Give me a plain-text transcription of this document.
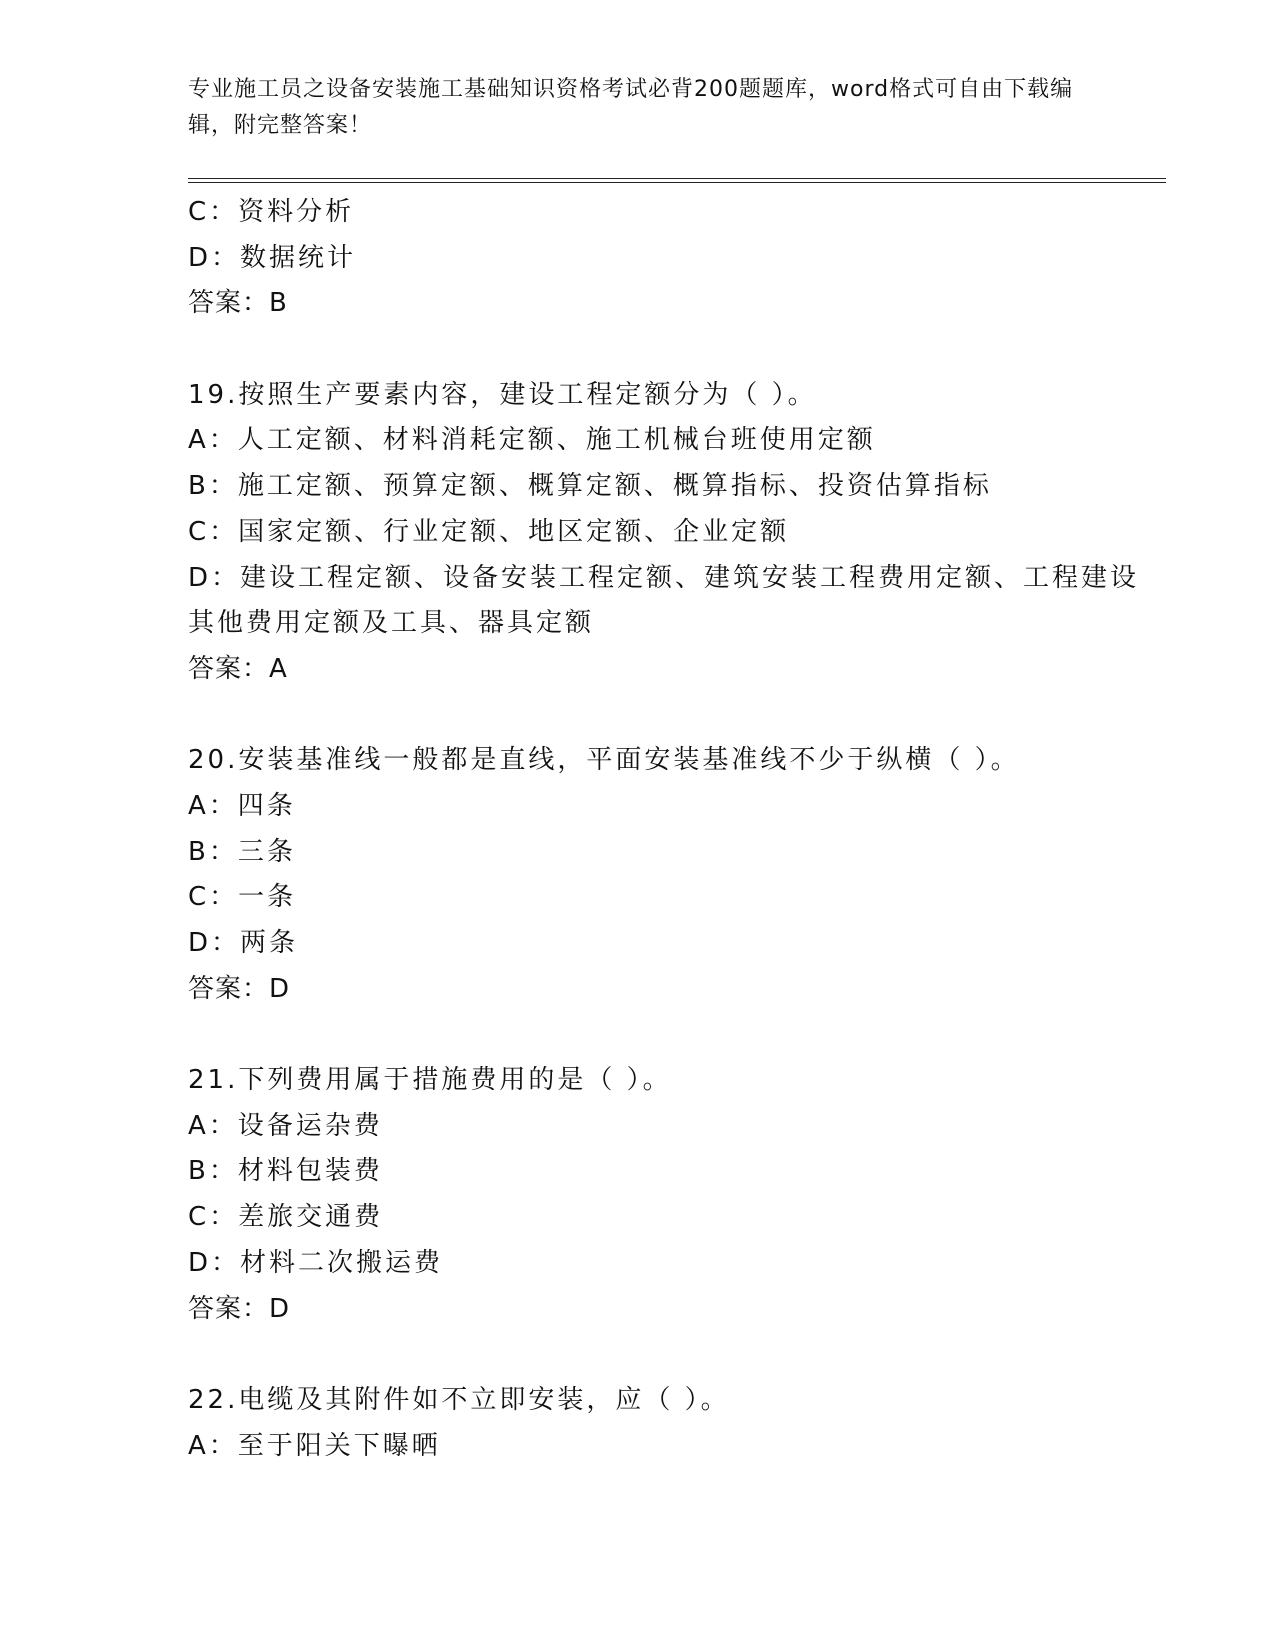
专业施工员之设备安装施工基础知识资格考试必背200题题库，word格式可自由下载编辑，附完整答案！
C：资料分析
D：数据统计
答案：B
19.按照生产要素内容，建设工程定额分为（ ）。
A：人工定额、材料消耗定额、施工机械台班使用定额
B：施工定额、预算定额、概算定额、概算指标、投资估算指标
C：国家定额、行业定额、地区定额、企业定额
D：建设工程定额、设备安装工程定额、建筑安装工程费用定额、工程建设其他费用定额及工具、器具定额
答案：A
20.安装基准线一般都是直线，平面安装基准线不少于纵横（ ）。
A：四条
B：三条
C：一条
D：两条
答案：D
21.下列费用属于措施费用的是（ ）。
A：设备运杂费
B：材料包装费
C：差旅交通费
D：材料二次搬运费
答案：D
22.电缆及其附件如不立即安装，应（ ）。
A：至于阳关下曝晒
